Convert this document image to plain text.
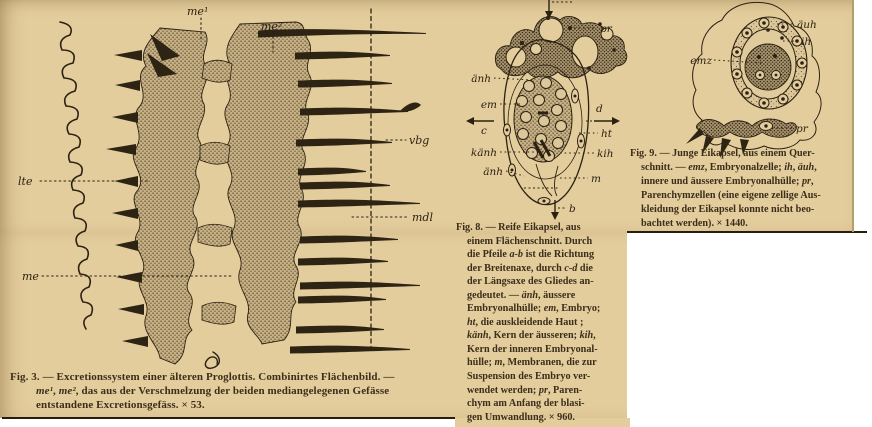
me¹
me²
lte
me
vbg
mdl
pr
änh
em
c
känh
änh
d
ht
kih
m
b
äuh
ih
emz
pr
Fig. 3. — Excretionssystem einer älteren Proglottis. Combinirtes Flächenbild. —
me¹, me², das aus der Verschmelzung der beiden mediangelegenen Gefässe
entstandene Excretionsgefäss. × 53.
Fig. 8. — Reife Eikapsel, aus
einem Flächenschnitt. Durch
die Pfeile a-b ist die Richtung
der Breitenaxe, durch c-d die
der Längsaxe des Gliedes an-
gedeutet. — änh, äussere
Embryonalhülle; em, Embryo;
ht, die auskleidende Haut ;
känh, Kern der äusseren; kih,
Kern der inneren Embryonal-
hülle; m, Membranen, die zur
Suspension des Embryo ver-
wendet werden; pr, Paren-
chym am Anfang der blasi-
gen Umwandlung. × 960.
Fig. 9. — Junge Eikapsel, aus einem Quer-
schnitt. — emz, Embryonalzelle; ih, äuh,
innere und äussere Embryonalhülle; pr,
Parenchymzellen (eine eigene zellige Aus-
kleidung der Eikapsel konnte nicht beo-
bachtet werden). × 1440.
